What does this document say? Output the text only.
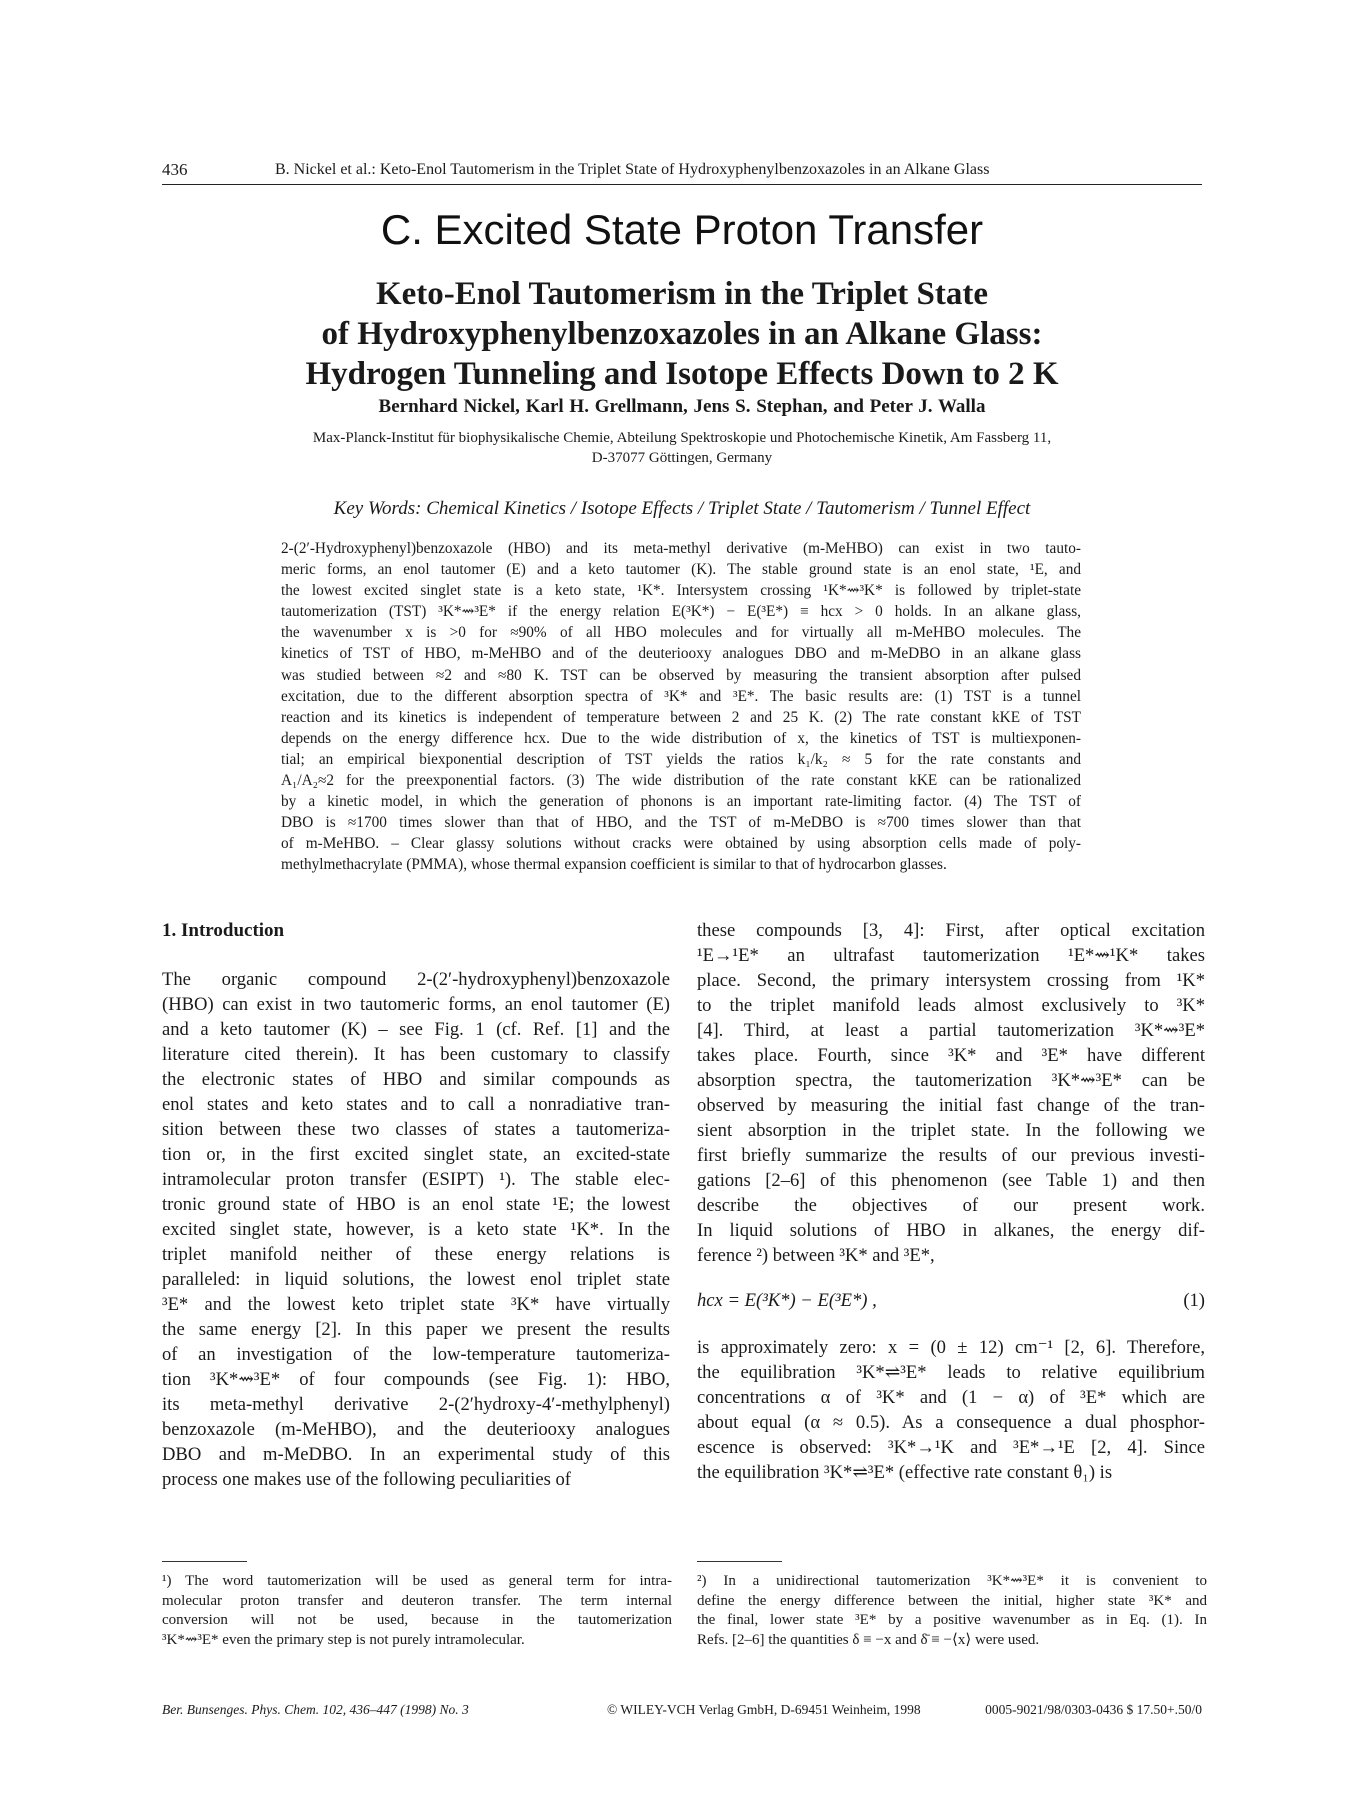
436	B. Nickel et al.: Keto-Enol Tautomerism in the Triplet State of Hydroxyphenylbenzoxazoles in an Alkane Glass
C. Excited State Proton Transfer
Keto-Enol Tautomerism in the Triplet State
of Hydroxyphenylbenzoxazoles in an Alkane Glass:
Hydrogen Tunneling and Isotope Effects Down to 2 K
Bernhard Nickel, Karl H. Grellmann, Jens S. Stephan, and Peter J. Walla
Max-Planck-Institut für biophysikalische Chemie, Abteilung Spektroskopie und Photochemische Kinetik, Am Fassberg 11,
D-37077 Göttingen, Germany
Key Words: Chemical Kinetics / Isotope Effects / Triplet State / Tautomerism / Tunnel Effect
2-(2′-Hydroxyphenyl)benzoxazole (HBO) and its meta-methyl derivative (m-MeHBO) can exist in two tauto-
meric forms, an enol tautomer (E) and a keto tautomer (K). The stable ground state is an enol state, ¹E, and
the lowest excited singlet state is a keto state, ¹K*. Intersystem crossing ¹K*⇝³K* is followed by triplet-state
tautomerization (TST) ³K*⇝³E* if the energy relation E(³K*) − E(³E*) ≡ hcx > 0 holds. In an alkane glass,
the wavenumber x is >0 for ≈90% of all HBO molecules and for virtually all m-MeHBO molecules. The
kinetics of TST of HBO, m-MeHBO and of the deuteriooxy analogues DBO and m-MeDBO in an alkane glass
was studied between ≈2 and ≈80 K. TST can be observed by measuring the transient absorption after pulsed
excitation, due to the different absorption spectra of ³K* and ³E*. The basic results are: (1) TST is a tunnel
reaction and its kinetics is independent of temperature between 2 and 25 K. (2) The rate constant kKE of TST
depends on the energy difference hcx. Due to the wide distribution of x, the kinetics of TST is multiexponen-
tial; an empirical biexponential description of TST yields the ratios k₁/k₂ ≈ 5 for the rate constants and
A₁/A₂≈2 for the preexponential factors. (3) The wide distribution of the rate constant kKE can be rationalized
by a kinetic model, in which the generation of phonons is an important rate-limiting factor. (4) The TST of
DBO is ≈1700 times slower than that of HBO, and the TST of m-MeDBO is ≈700 times slower than that
of m-MeHBO. – Clear glassy solutions without cracks were obtained by using absorption cells made of poly-
methylmethacrylate (PMMA), whose thermal expansion coefficient is similar to that of hydrocarbon glasses.
1. Introduction
The organic compound 2-(2′-hydroxyphenyl)benzoxazole
(HBO) can exist in two tautomeric forms, an enol tautomer (E)
and a keto tautomer (K) – see Fig. 1 (cf. Ref. [1] and the
literature cited therein). It has been customary to classify
the electronic states of HBO and similar compounds as
enol states and keto states and to call a nonradiative tran-
sition between these two classes of states a tautomeriza-
tion or, in the first excited singlet state, an excited-state
intramolecular proton transfer (ESIPT) ¹). The stable elec-
tronic ground state of HBO is an enol state ¹E; the lowest
excited singlet state, however, is a keto state ¹K*. In the
triplet manifold neither of these energy relations is
paralleled: in liquid solutions, the lowest enol triplet state
³E* and the lowest keto triplet state ³K* have virtually
the same energy [2]. In this paper we present the results
of an investigation of the low-temperature tautomeriza-
tion ³K*⇝³E* of four compounds (see Fig. 1): HBO,
its meta-methyl derivative 2-(2′hydroxy-4′-methylphenyl)
benzoxazole (m-MeHBO), and the deuteriooxy analogues
DBO and m-MeDBO. In an experimental study of this
process one makes use of the following peculiarities of
these compounds [3, 4]: First, after optical excitation
¹E→¹E* an ultrafast tautomerization ¹E*⇝¹K* takes
place. Second, the primary intersystem crossing from ¹K*
to the triplet manifold leads almost exclusively to ³K*
[4]. Third, at least a partial tautomerization ³K*⇝³E*
takes place. Fourth, since ³K* and ³E* have different
absorption spectra, the tautomerization ³K*⇝³E* can be
observed by measuring the initial fast change of the tran-
sient absorption in the triplet state. In the following we
first briefly summarize the results of our previous investi-
gations [2–6] of this phenomenon (see Table 1) and then
describe the objectives of our present work.
In liquid solutions of HBO in alkanes, the energy dif-
ference ²) between ³K* and ³E*,
hcx = E(³K*) − E(³E*) ,	(1)
is approximately zero: x = (0 ± 12) cm⁻¹ [2, 6]. Therefore,
the equilibration ³K*⇌³E* leads to relative equilibrium
concentrations α of ³K* and (1 − α) of ³E* which are
about equal (α ≈ 0.5). As a consequence a dual phosphor-
escence is observed: ³K*→¹K and ³E*→¹E [2, 4]. Since
the equilibration ³K*⇌³E* (effective rate constant θ₁) is
¹) The word tautomerization will be used as general term for intra-
molecular proton transfer and deuteron transfer. The term internal
conversion will not be used, because in the tautomerization
³K*⇝³E* even the primary step is not purely intramolecular.
²) In a unidirectional tautomerization ³K*⇝³E* it is convenient to
define the energy difference between the initial, higher state ³K* and
the final, lower state ³E* by a positive wavenumber as in Eq. (1). In
Refs. [2–6] the quantities δ ≡ −x and δ̄ ≡ −⟨x⟩ were used.
Ber. Bunsenges. Phys. Chem. 102, 436–447 (1998) No. 3	© WILEY-VCH Verlag GmbH, D-69451 Weinheim, 1998	0005-9021/98/0303-0436 $ 17.50+.50/0
